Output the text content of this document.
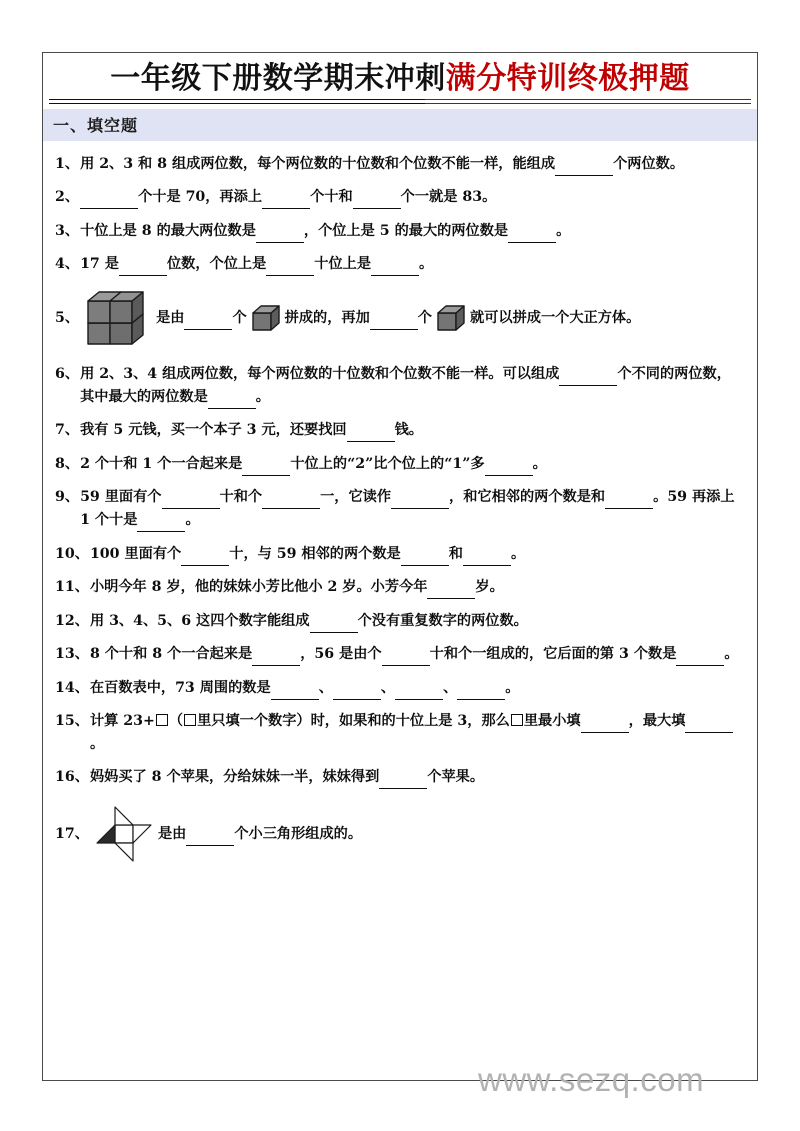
www.sezq.com
一年级下册数学期末冲刺满分特训终极押题
一、填空题
1、 用 2、3 和 8 组成两位数，每个两位数的十位数和个位数不能一样，能组成	个两位数。
2、	个十是 70，再添上	个十和	个一就是 83。
3、 十位上是 8 的最大两位数是	，个位上是 5 的最大的两位数是	。
4、 17 是	位数，个位上是	十位上是	。
5、	是由	个	拼成的，再加	个	就可以拼成一个大正方体。
6、 用 2、3、4 组成两位数，每个两位数的十位数和个位数不能一样。可以组成	个不同的两位数，其中最大的两位数是	。
7、 我有 5 元钱，买一个本子 3 元，还要找回	钱。
8、 2 个十和 1 个一合起来是	十位上的“2”比个位上的“1”多	。
9、 59 里面有个	十和个	一，它读作	，和它相邻的两个数是和	。59 再添上 1 个十是	。
10、 100 里面有个	十，与 59 相邻的两个数是	和	。
11、 小明今年 8 岁，他的妹妹小芳比他小 2 岁。小芳今年	岁。
12、 用 3、4、5、6 这四个数字能组成	个没有重复数字的两位数。
13、 8 个十和 8 个一合起来是	，56 是由个	十和个一组成的，它后面的第 3 个数是	。
14、 在百数表中，73 周围的数是	、	、	、	。
15、 计算 23+ （ 里只填一个数字）时，如果和的十位上是 3，那么 里最小填	，最大填 。
16、 妈妈买了 8 个苹果，分给妹妹一半，妹妹得到	个苹果。
17、	是由	个小三角形组成的。
